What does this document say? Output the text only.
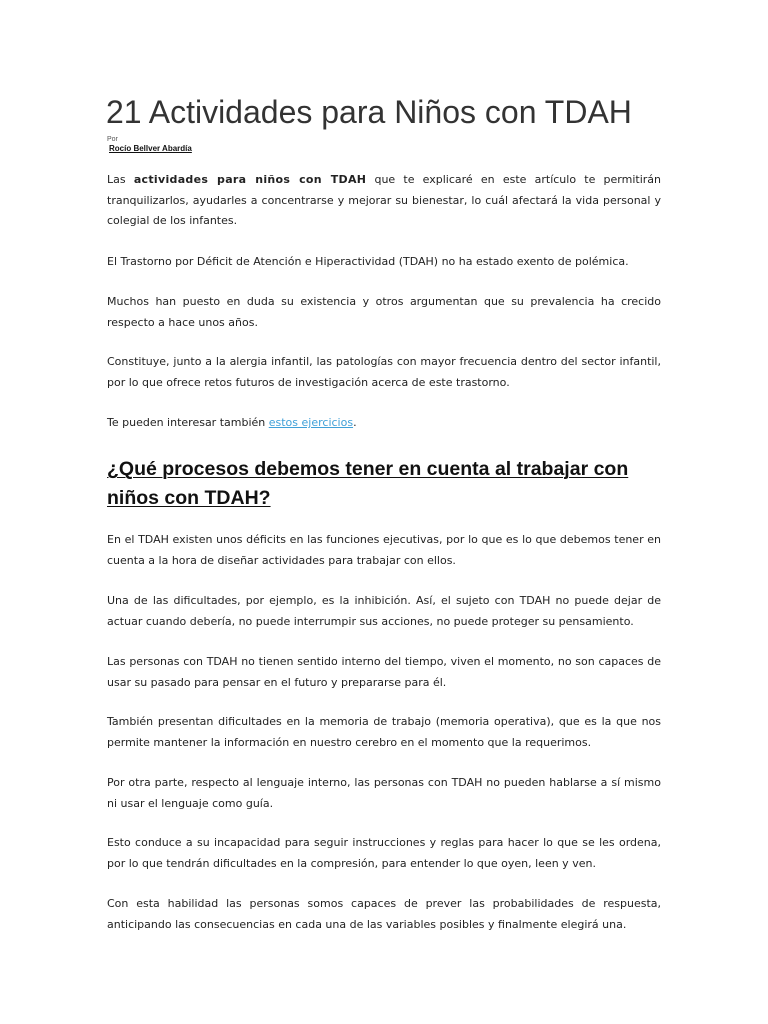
21 Actividades para Niños con TDAH
Por
Rocío Bellver Abardía

Las actividades para niños con TDAH que te explicaré en este artículo te permitirán tranquilizarlos, ayudarles a concentrarse y mejorar su bienestar, lo cuál afectará la vida personal y colegial de los infantes.

El Trastorno por Déficit de Atención e Hiperactividad (TDAH) no ha estado exento de polémica.

Muchos han puesto en duda su existencia y otros argumentan que su prevalencia ha crecido respecto a hace unos años.

Constituye, junto a la alergia infantil, las patologías con mayor frecuencia dentro del sector infantil, por lo que ofrece retos futuros de investigación acerca de este trastorno.

Te pueden interesar también estos ejercicios.

¿Qué procesos debemos tener en cuenta al trabajar con niños con TDAH?

En el TDAH existen unos déficits en las funciones ejecutivas, por lo que es lo que debemos tener en cuenta a la hora de diseñar actividades para trabajar con ellos.

Una de las dificultades, por ejemplo, es la inhibición. Así, el sujeto con TDAH no puede dejar de actuar cuando debería, no puede interrumpir sus acciones, no puede proteger su pensamiento.

Las personas con TDAH no tienen sentido interno del tiempo, viven el momento, no son capaces de usar su pasado para pensar en el futuro y prepararse para él.

También presentan dificultades en la memoria de trabajo (memoria operativa), que es la que nos permite mantener la información en nuestro cerebro en el momento que la requerimos.

Por otra parte, respecto al lenguaje interno, las personas con TDAH no pueden hablarse a sí mismo ni usar el lenguaje como guía.

Esto conduce a su incapacidad para seguir instrucciones y reglas para hacer lo que se les ordena, por lo que tendrán dificultades en la compresión, para entender lo que oyen, leen y ven.

Con esta habilidad las personas somos capaces de prever las probabilidades de respuesta, anticipando las consecuencias en cada una de las variables posibles y finalmente elegirá una.
